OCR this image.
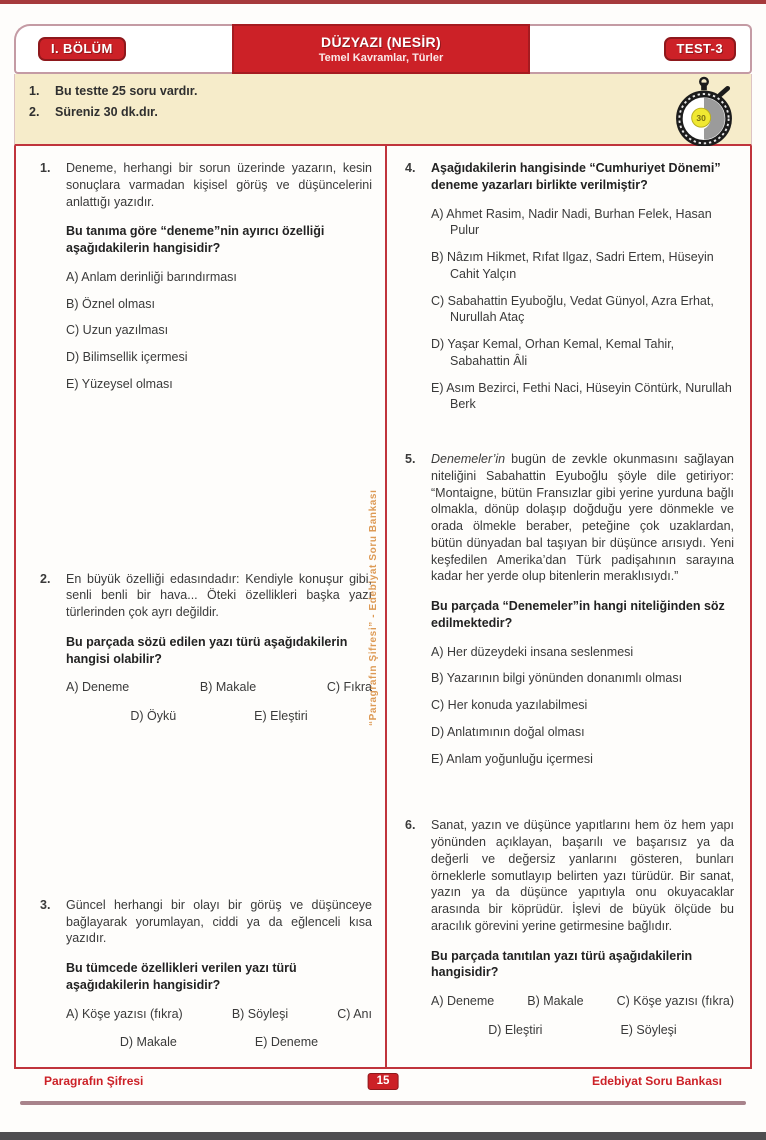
I. BÖLÜM	DÜZYAZI (NESİR)
Temel Kavramlar, Türler
TEST-3
1.	Bu testte 25 soru vardır.
2.	Süreniz 30 dk.dır.	30
1.	Deneme, herhangi bir sorun üzerinde yazarın, kesin sonuçlara varmadan kişisel görüş ve düşüncelerini anlattığı yazıdır.

Bu tanıma göre “deneme”nin ayırıcı özelliği aşağıdakilerin hangisidir?

A) Anlam derinliği barındırması
B) Öznel olması
C) Uzun yazılması
D) Bilimsellik içermesi
E) Yüzeysel olması
2.	En büyük özelliği edasındadır: Kendiyle konuşur gibi, senli benli bir hava... Öteki özellikleri başka yazı türlerinden çok ayrı değildir.

Bu parçada sözü edilen yazı türü aşağıdakilerin hangisi olabilir?

A) Deneme	B) Makale	C) Fıkra
D) Öykü	E) Eleştiri
3.	Güncel herhangi bir olayı bir görüş ve düşünceye bağlayarak yorumlayan, ciddi ya da eğlenceli kısa yazıdır.

Bu tümcede özellikleri verilen yazı türü aşağıdakilerin hangisidir?

A) Köşe yazısı (fıkra)	B) Söyleşi	C) Anı
D) Makale	E) Deneme
4.	Aşağıdakilerin hangisinde “Cumhuriyet Dönemi” deneme yazarları birlikte verilmiştir?

A) Ahmet Rasim, Nadir Nadi, Burhan Felek, Hasan Pulur
B) Nâzım Hikmet, Rıfat Ilgaz, Sadri Ertem, Hüseyin Cahit Yalçın
C) Sabahattin Eyuboğlu, Vedat Günyol, Azra Erhat, Nurullah Ataç
D) Yaşar Kemal, Orhan Kemal, Kemal Tahir, Sabahattin Âli
E) Asım Bezirci, Fethi Naci, Hüseyin Cöntürk, Nurullah Berk
5.	Denemeler’in bugün de zevkle okunmasını sağlayan niteliğini Sabahattin Eyuboğlu şöyle dile getiriyor: “Montaigne, bütün Fransızlar gibi yerine yurduna bağlı olmakla, dönüp dolaşıp doğduğu yere dönmekle ve orada ölmekle beraber, peteğine çok uzaklardan, bütün dünyadan bal taşıyan bir düşünce arısıydı. Yeni keşfedilen Amerika’dan Türk padişahının sarayına kadar her yerde olup bitenlerin meraklısıydı.”

Bu parçada “Denemeler”in hangi niteliğinden söz edilmektedir?

A) Her düzeydeki insana seslenmesi
B) Yazarının bilgi yönünden donanımlı olması
C) Her konuda yazılabilmesi
D) Anlatımının doğal olması
E) Anlam yoğunluğu içermesi
6.	Sanat, yazın ve düşünce yapıtlarını hem öz hem yapı yönünden açıklayan, başarılı ve başarısız ya da değerli ve değersiz yanlarını gösteren, bunları örneklerle somutlayıp belirten yazı türüdür. Bir sanat, yazın ya da düşünce yapıtıyla onu okuyacaklar arasında bir köprüdür. İşlevi de büyük ölçüde bu aracılık görevini yerine getirmesine bağlıdır.

Bu parçada tanıtılan yazı türü aşağıdakilerin hangisidir?

A) Deneme	B) Makale	C) Köşe yazısı (fıkra)
D) Eleştiri	E) Söyleşi
“Paragrafın Şifresi” - Edebiyat Soru Bankası
Paragrafın Şifresi	15	Edebiyat Soru Bankası
